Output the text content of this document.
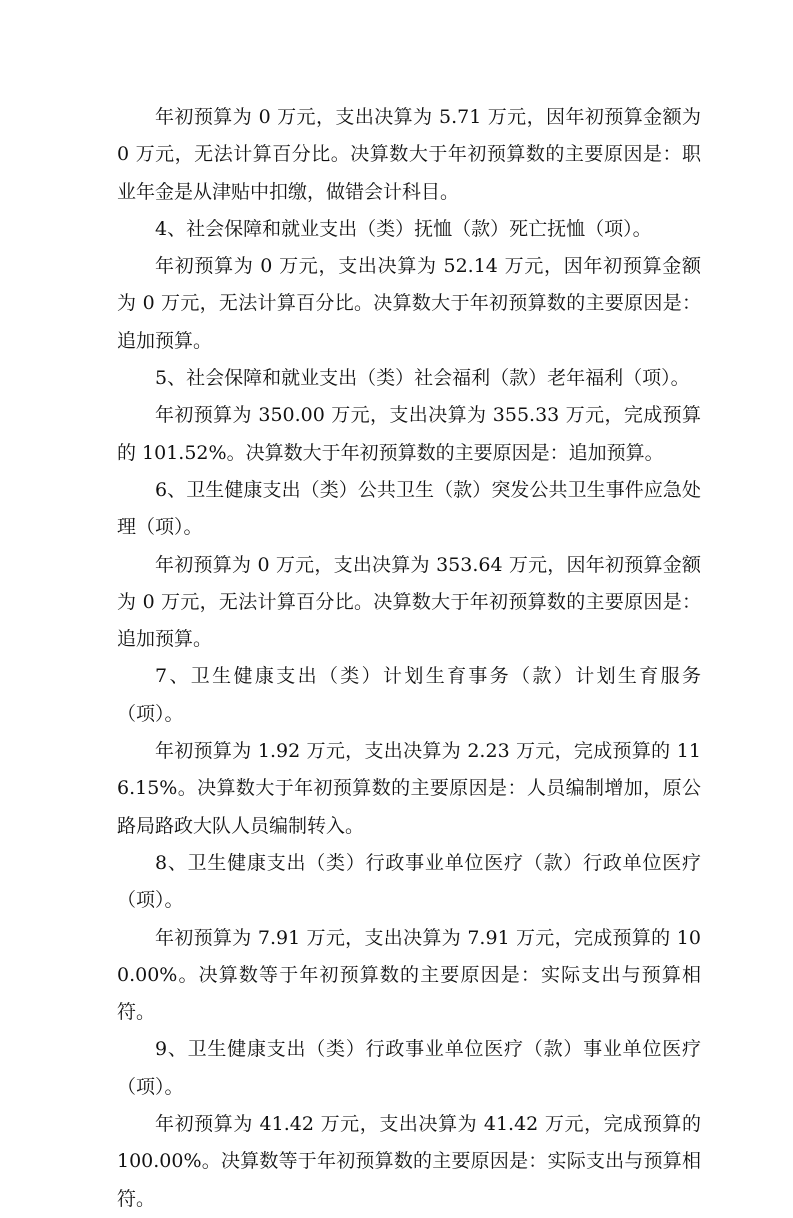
年初预算为 0 万元，支出决算为 5.71 万元，因年初预算金额为 0 万元，无法计算百分比。决算数大于年初预算数的主要原因是：职业年金是从津贴中扣缴，做错会计科目。

4、社会保障和就业支出（类）抚恤（款）死亡抚恤（项）。

年初预算为 0 万元，支出决算为 52.14 万元，因年初预算金额为 0 万元，无法计算百分比。决算数大于年初预算数的主要原因是：追加预算。

5、社会保障和就业支出（类）社会福利（款）老年福利（项）。

年初预算为 350.00 万元，支出决算为 355.33 万元，完成预算的 101.52%。决算数大于年初预算数的主要原因是：追加预算。

6、卫生健康支出（类）公共卫生（款）突发公共卫生事件应急处理（项）。

年初预算为 0 万元，支出决算为 353.64 万元，因年初预算金额为 0 万元，无法计算百分比。决算数大于年初预算数的主要原因是：追加预算。

7、卫生健康支出（类）计划生育事务（款）计划生育服务（项）。

年初预算为 1.92 万元，支出决算为 2.23 万元，完成预算的 116.15%。决算数大于年初预算数的主要原因是：人员编制增加，原公路局路政大队人员编制转入。

8、卫生健康支出（类）行政事业单位医疗（款）行政单位医疗（项）。

年初预算为 7.91 万元，支出决算为 7.91 万元，完成预算的 100.00%。决算数等于年初预算数的主要原因是：实际支出与预算相符。

9、卫生健康支出（类）行政事业单位医疗（款）事业单位医疗（项）。

年初预算为 41.42 万元，支出决算为 41.42 万元，完成预算的 100.00%。决算数等于年初预算数的主要原因是：实际支出与预算相符。
